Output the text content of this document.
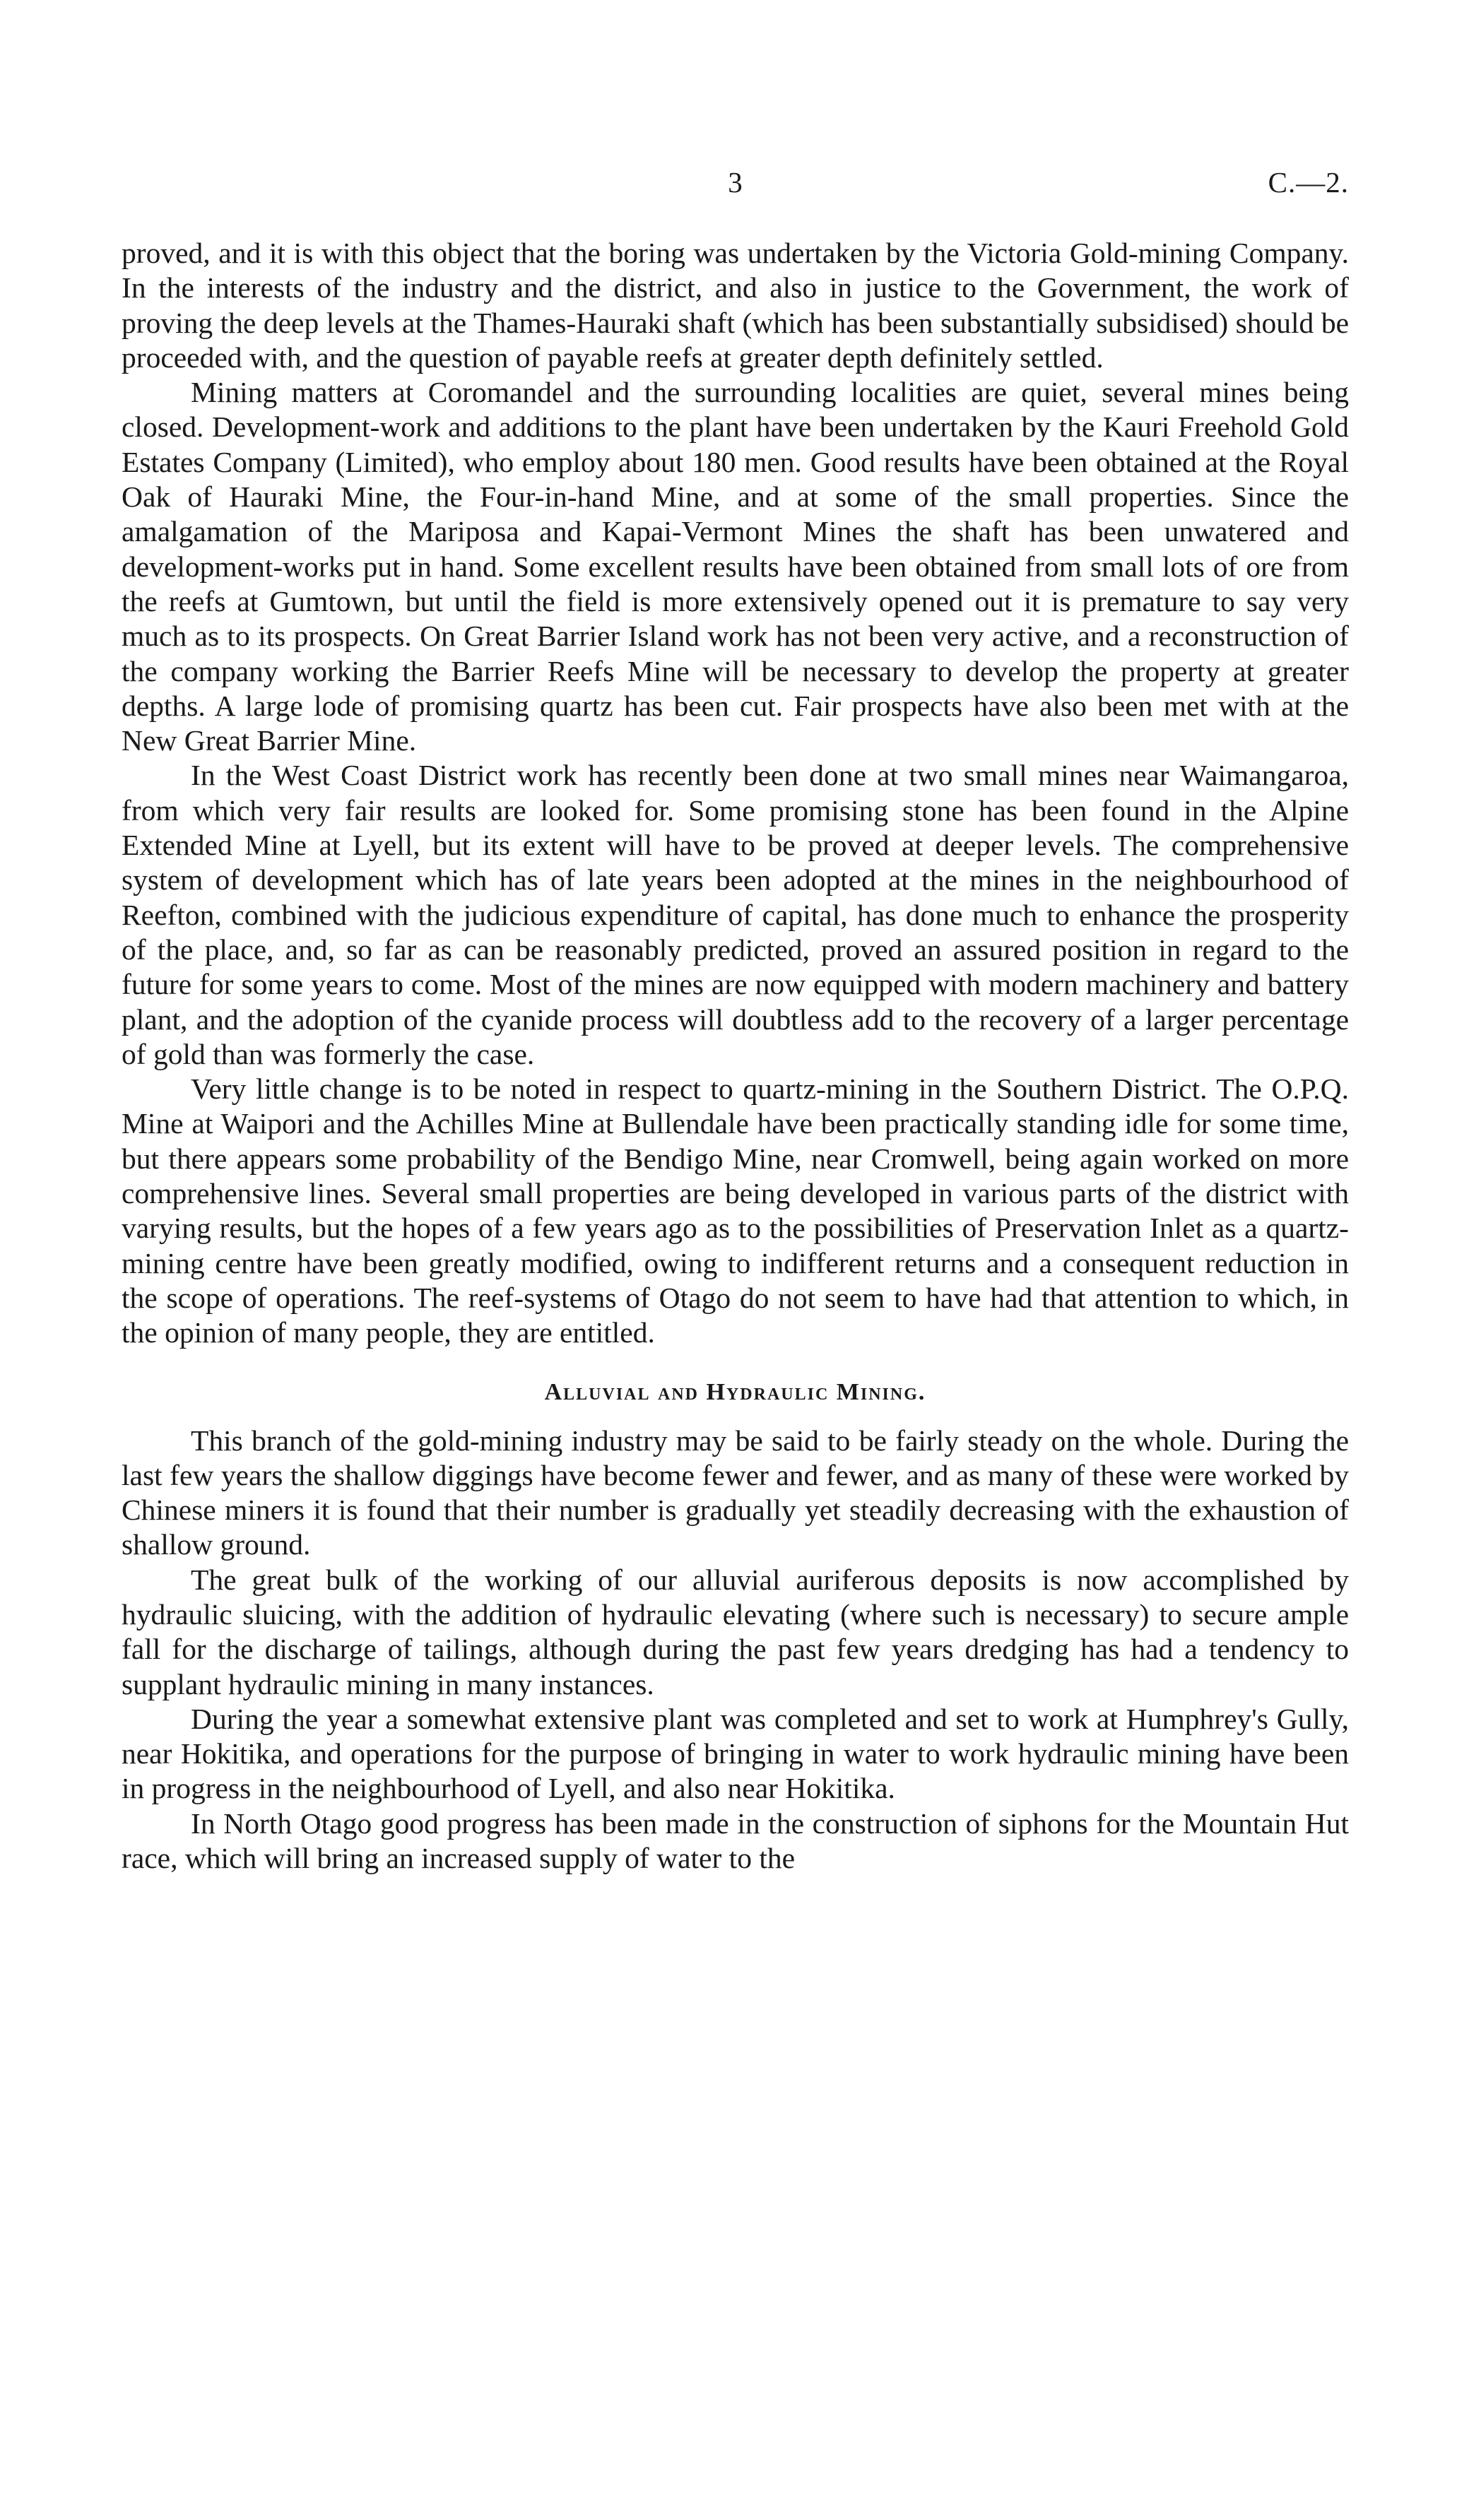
3	C.—2.

proved, and it is with this object that the boring was undertaken by the Victoria Gold-mining Company. In the interests of the industry and the district, and also in justice to the Government, the work of proving the deep levels at the Thames-Hauraki shaft (which has been substantially subsidised) should be proceeded with, and the question of payable reefs at greater depth definitely settled.

Mining matters at Coromandel and the surrounding localities are quiet, several mines being closed. Development-work and additions to the plant have been undertaken by the Kauri Freehold Gold Estates Company (Limited), who employ about 180 men. Good results have been obtained at the Royal Oak of Hauraki Mine, the Four-in-hand Mine, and at some of the small properties. Since the amalgamation of the Mariposa and Kapai-Vermont Mines the shaft has been unwatered and development-works put in hand. Some excellent results have been obtained from small lots of ore from the reefs at Gumtown, but until the field is more extensively opened out it is premature to say very much as to its prospects. On Great Barrier Island work has not been very active, and a reconstruction of the company working the Barrier Reefs Mine will be necessary to develop the property at greater depths. A large lode of promising quartz has been cut. Fair prospects have also been met with at the New Great Barrier Mine.

In the West Coast District work has recently been done at two small mines near Waimangaroa, from which very fair results are looked for. Some promising stone has been found in the Alpine Extended Mine at Lyell, but its extent will have to be proved at deeper levels. The comprehensive system of development which has of late years been adopted at the mines in the neighbourhood of Reefton, combined with the judicious expenditure of capital, has done much to enhance the prosperity of the place, and, so far as can be reasonably predicted, proved an assured position in regard to the future for some years to come. Most of the mines are now equipped with modern machinery and battery plant, and the adoption of the cyanide process will doubtless add to the recovery of a larger percentage of gold than was formerly the case.

Very little change is to be noted in respect to quartz-mining in the Southern District. The O.P.Q. Mine at Waipori and the Achilles Mine at Bullendale have been practically standing idle for some time, but there appears some probability of the Bendigo Mine, near Cromwell, being again worked on more comprehensive lines. Several small properties are being developed in various parts of the district with varying results, but the hopes of a few years ago as to the possibilities of Preservation Inlet as a quartz-mining centre have been greatly modified, owing to indifferent returns and a consequent reduction in the scope of operations. The reef-systems of Otago do not seem to have had that attention to which, in the opinion of many people, they are entitled.

Alluvial and Hydraulic Mining.

This branch of the gold-mining industry may be said to be fairly steady on the whole. During the last few years the shallow diggings have become fewer and fewer, and as many of these were worked by Chinese miners it is found that their number is gradually yet steadily decreasing with the exhaustion of shallow ground.

The great bulk of the working of our alluvial auriferous deposits is now accomplished by hydraulic sluicing, with the addition of hydraulic elevating (where such is necessary) to secure ample fall for the discharge of tailings, although during the past few years dredging has had a tendency to supplant hydraulic mining in many instances.

During the year a somewhat extensive plant was completed and set to work at Humphrey's Gully, near Hokitika, and operations for the purpose of bringing in water to work hydraulic mining have been in progress in the neighbourhood of Lyell, and also near Hokitika.

In North Otago good progress has been made in the construction of siphons for the Mountain Hut race, which will bring an increased supply of water to the
